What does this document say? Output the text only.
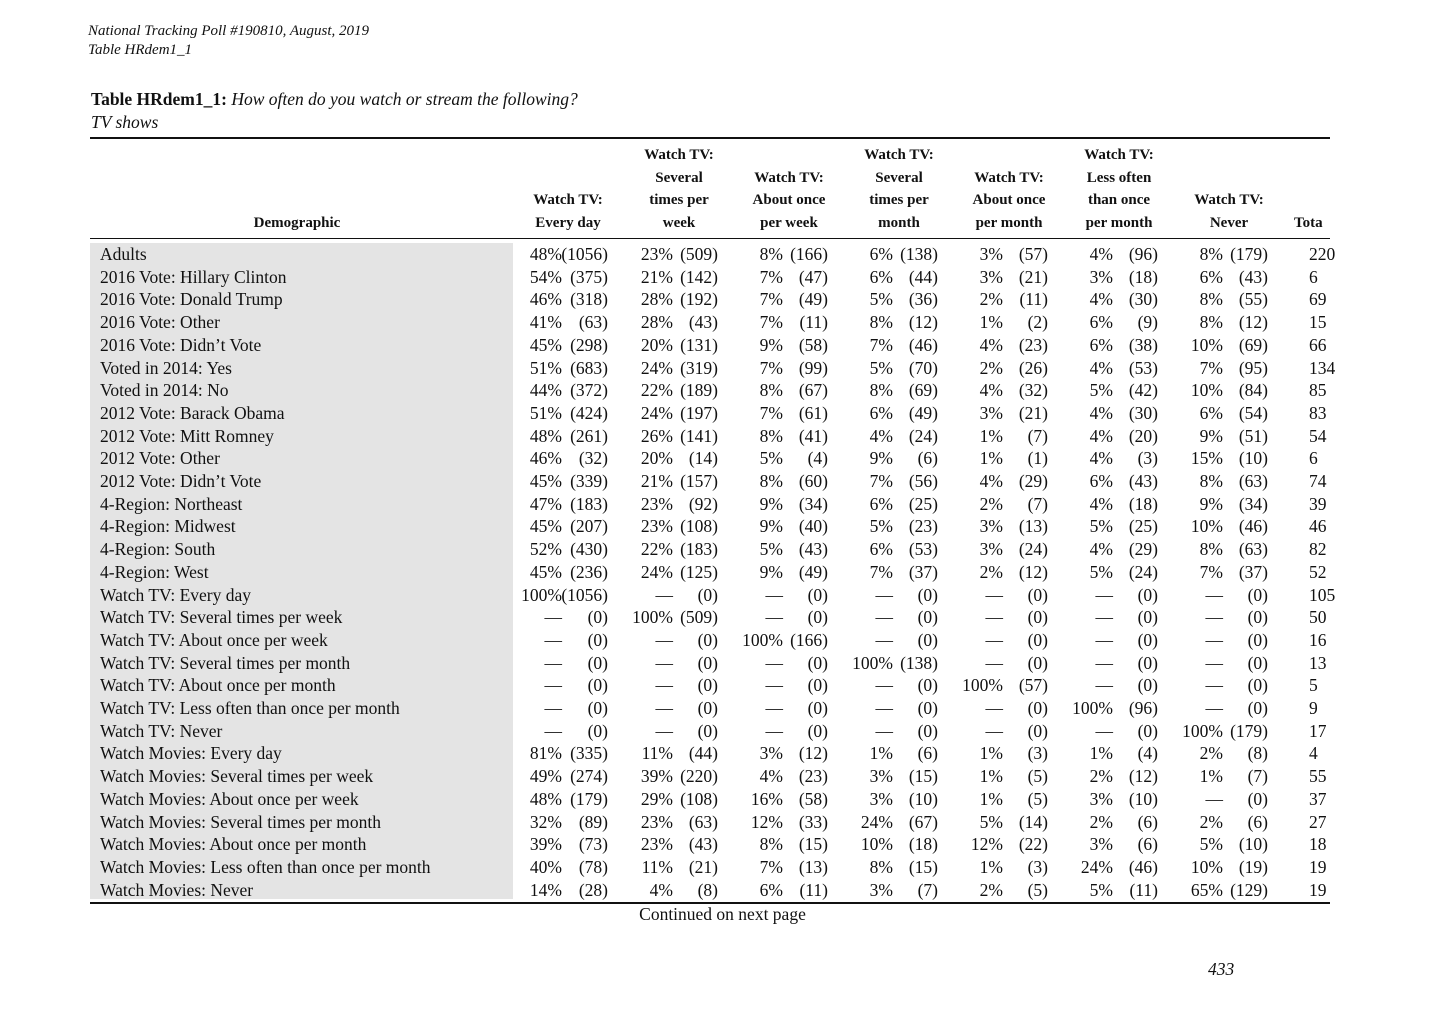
National Tracking Poll #190810, August, 2019
Table HRdem1_1
Table HRdem1_1: How often do you watch or stream the following?
TV shows
Demographic
Watch TV:
Every day
Watch TV:
Several
times per
week
Watch TV:
About once
per week
Watch TV:
Several
times per
month
Watch TV:
About once
per month
Watch TV:
Less often
than once
per month
Watch TV:
Never	Tota
Adults	48% (1056) 23% (509) 8% (166) 6% (138) 3% (57) 4% (96) 8% (179) 220
2016 Vote: Hillary Clinton	54% (375) 21% (142) 7% (47) 6% (44) 3% (21) 3% (18) 6% (43) 6
2016 Vote: Donald Trump	46% (318) 28% (192) 7% (49) 5% (36) 2% (11) 4% (30) 8% (55) 69
2016 Vote: Other	41% (63) 28% (43) 7% (11) 8% (12) 1% (2) 6% (9) 8% (12) 15
2016 Vote: Didn’t Vote	45% (298) 20% (131) 9% (58) 7% (46) 4% (23) 6% (38) 10% (69) 66
Voted in 2014: Yes	51% (683) 24% (319) 7% (99) 5% (70) 2% (26) 4% (53) 7% (95) 134
Voted in 2014: No	44% (372) 22% (189) 8% (67) 8% (69) 4% (32) 5% (42) 10% (84) 85
2012 Vote: Barack Obama	51% (424) 24% (197) 7% (61) 6% (49) 3% (21) 4% (30) 6% (54) 83
2012 Vote: Mitt Romney	48% (261) 26% (141) 8% (41) 4% (24) 1% (7) 4% (20) 9% (51) 54
2012 Vote: Other	46% (32) 20% (14) 5% (4) 9% (6) 1% (1) 4% (3) 15% (10) 6
2012 Vote: Didn’t Vote	45% (339) 21% (157) 8% (60) 7% (56) 4% (29) 6% (43) 8% (63) 74
4-Region: Northeast	47% (183) 23% (92) 9% (34) 6% (25) 2% (7) 4% (18) 9% (34) 39
4-Region: Midwest	45% (207) 23% (108) 9% (40) 5% (23) 3% (13) 5% (25) 10% (46) 46
4-Region: South	52% (430) 22% (183) 5% (43) 6% (53) 3% (24) 4% (29) 8% (63) 82
4-Region: West	45% (236) 24% (125) 9% (49) 7% (37) 2% (12) 5% (24) 7% (37) 52
Watch TV: Every day	100% (1056)	— (0)	— (0)	— (0)	— (0)	— (0)	— (0) 105
Watch TV: Several times per week	— (0) 100% (509)	— (0)	— (0)	— (0)	— (0)	— (0) 50
Watch TV: About once per week	— (0)	— (0) 100% (166)	— (0)	— (0)	— (0)	— (0) 16
Watch TV: Several times per month	— (0)	— (0)	— (0) 100% (138)	— (0)	— (0)	— (0) 13
Watch TV: About once per month	— (0)	— (0)	— (0)	— (0) 100% (57)	— (0)	— (0) 5
Watch TV: Less often than once per month	— (0)	— (0)	— (0)	— (0)	— (0) 100% (96)	— (0) 9
Watch TV: Never	— (0)	— (0)	— (0)	— (0)	— (0)	— (0) 100% (179) 17
Watch Movies: Every day	81% (335) 11% (44) 3% (12) 1% (6) 1% (3) 1% (4) 2% (8) 4
Watch Movies: Several times per week	49% (274) 39% (220) 4% (23) 3% (15) 1% (5) 2% (12) 1% (7) 55
Watch Movies: About once per week	48% (179) 29% (108) 16% (58) 3% (10) 1% (5) 3% (10)	— (0) 37
Watch Movies: Several times per month	32% (89) 23% (63) 12% (33) 24% (67) 5% (14) 2% (6) 2% (6) 27
Watch Movies: About once per month	39% (73) 23% (43) 8% (15) 10% (18) 12% (22) 3% (6) 5% (10) 18
Watch Movies: Less often than once per month	40% (78) 11% (21) 7% (13) 8% (15) 1% (3) 24% (46) 10% (19) 19
Watch Movies: Never	14% (28) 4% (8) 6% (11) 3% (7) 2% (5) 5% (11) 65% (129) 19
Continued on next page
433
